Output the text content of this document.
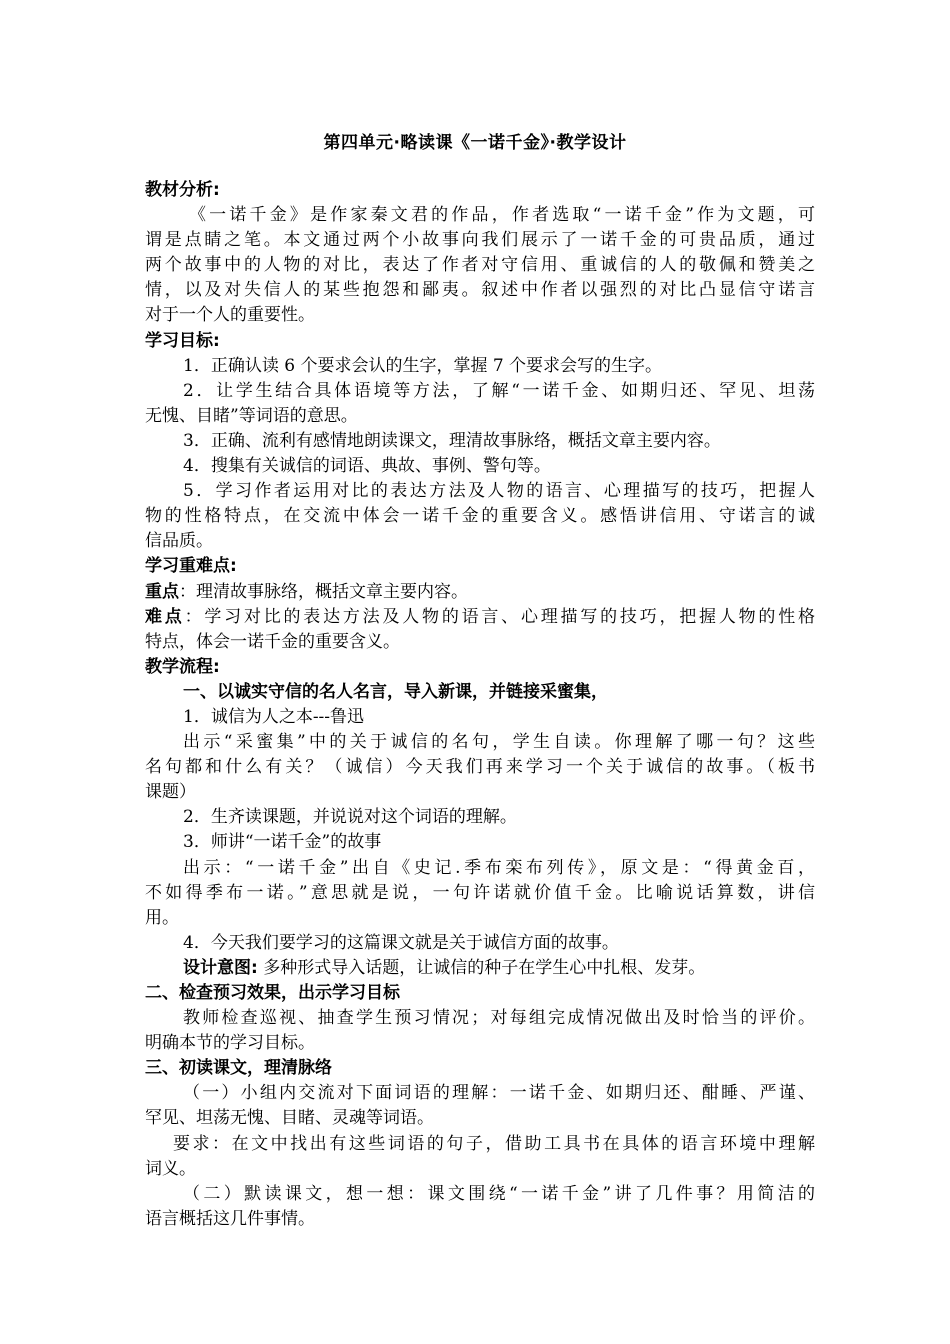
第四单元·略读课《一诺千金》·教学设计
教材分析:
《一诺千金》是作家秦文君的作品，作者选取“一诺千金”作为文题，可
谓是点睛之笔。本文通过两个小故事向我们展示了一诺千金的可贵品质，通过
两个故事中的人物的对比，表达了作者对守信用、重诚信的人的敬佩和赞美之
情，以及对失信人的某些抱怨和鄙夷。叙述中作者以强烈的对比凸显信守诺言
对于一个人的重要性。
学习目标:
1．正确认读 6 个要求会认的生字，掌握 7 个要求会写的生字。
2．让学生结合具体语境等方法，了解“一诺千金、如期归还、罕见、坦荡
无愧、目睹”等词语的意思。
3．正确、流利有感情地朗读课文，理清故事脉络，概括文章主要内容。
4．搜集有关诚信的词语、典故、事例、警句等。
5．学习作者运用对比的表达方法及人物的语言、心理描写的技巧，把握人
物的性格特点，在交流中体会一诺千金的重要含义。感悟讲信用、守诺言的诚
信品质。
学习重难点:
重点：理清故事脉络，概括文章主要内容。
难点：学习对比的表达方法及人物的语言、心理描写的技巧，把握人物的性格
特点，体会一诺千金的重要含义。
教学流程:
一、以诚实守信的名人名言，导入新课，并链接采蜜集，
1．诚信为人之本---鲁迅
出示“采蜜集”中的关于诚信的名句，学生自读。你理解了哪一句？这些
名句都和什么有关？（诚信）今天我们再来学习一个关于诚信的故事。（板书
课题）
2．生齐读课题，并说说对这个词语的理解。
3．师讲“一诺千金”的故事
出示：“一诺千金”出自《史记.季布栾布列传》，原文是：“得黄金百，
不如得季布一诺。”意思就是说，一句许诺就价值千金。比喻说话算数，讲信
用。
4．今天我们要学习的这篇课文就是关于诚信方面的故事。
设计意图: 多种形式导入话题，让诚信的种子在学生心中扎根、发芽。
二、检查预习效果，出示学习目标
教师检查巡视、抽查学生预习情况；对每组完成情况做出及时恰当的评价。
明确本节的学习目标。
三、初读课文，理清脉络
（一）小组内交流对下面词语的理解：一诺千金、如期归还、酣睡、严谨、
罕见、坦荡无愧、目睹、灵魂等词语。
要求：在文中找出有这些词语的句子，借助工具书在具体的语言环境中理解
词义。
（二）默读课文，想一想：课文围绕“一诺千金”讲了几件事？用简洁的
语言概括这几件事情。
